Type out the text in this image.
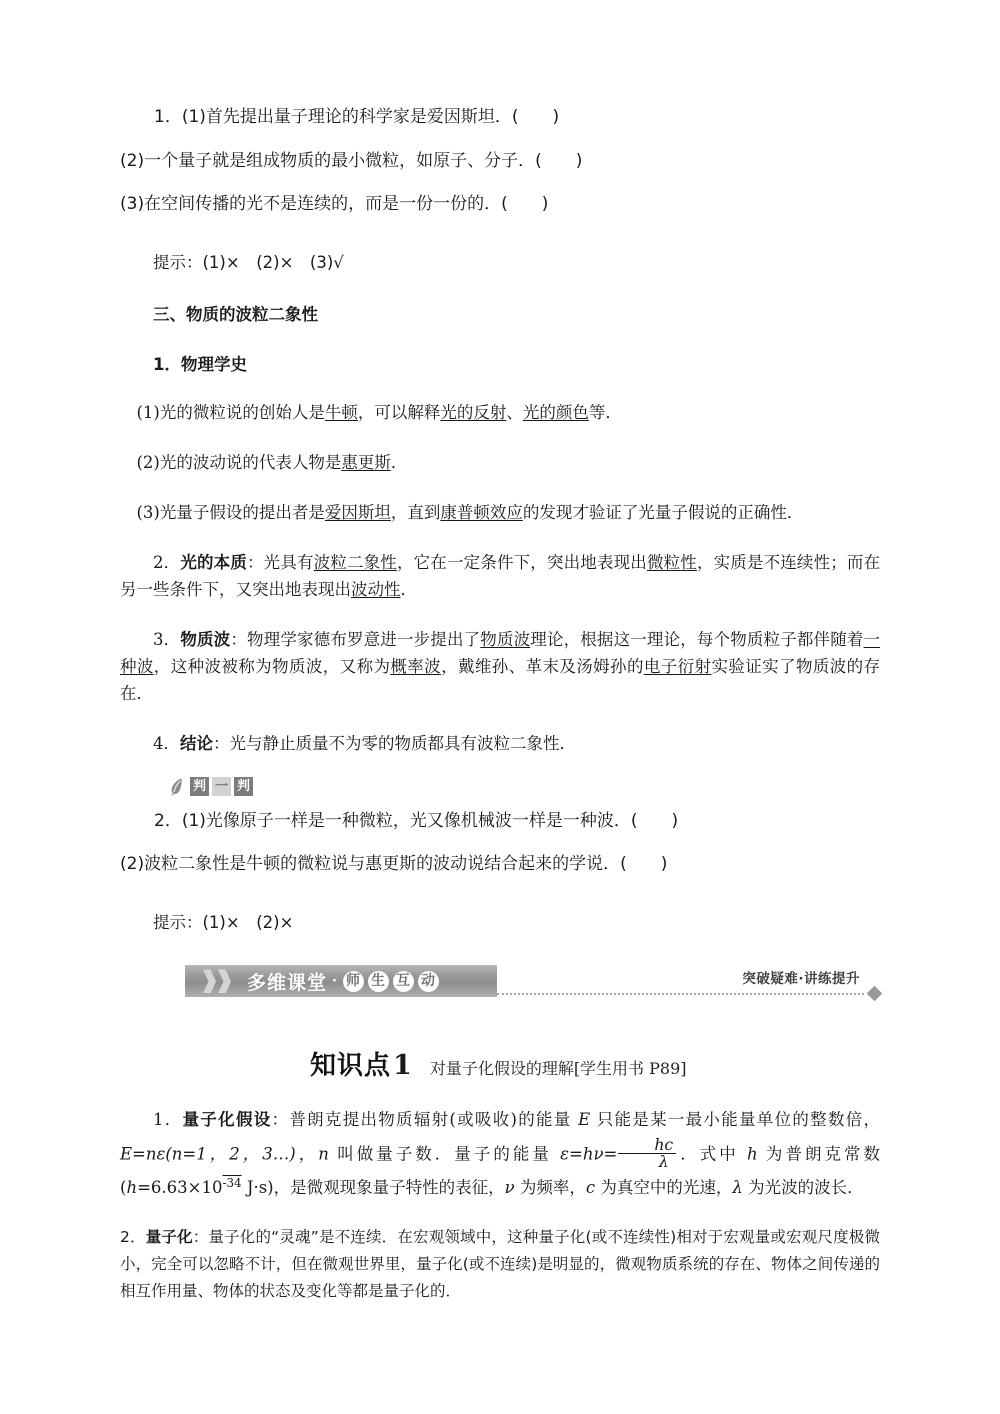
1．(1)首先提出量子理论的科学家是爱因斯坦．(　　)

(2)一个量子就是组成物质的最小微粒，如原子、分子．(　　)

(3)在空间传播的光不是连续的，而是一份一份的．(　　)

提示：(1)×　(2)×　(3)√

三、物质的波粒二象性

1．物理学史

(1)光的微粒说的创始人是牛顿，可以解释光的反射、光的颜色等．

(2)光的波动说的代表人物是惠更斯．

(3)光量子假设的提出者是爱因斯坦，直到康普顿效应的发现才验证了光量子假说的正确性．

2．光的本质：光具有波粒二象性，它在一定条件下，突出地表现出微粒性，实质是不连续性；而在另一些条件下，又突出地表现出波动性．

3．物质波：物理学家德布罗意进一步提出了物质波理论，根据这一理论，每个物质粒子都伴随着一种波，这种波被称为物质波，又称为概率波，戴维孙、革末及汤姆孙的电子衍射实验证实了物质波的存在．

4．结论：光与静止质量不为零的物质都具有波粒二象性．

判 一 判

2．(1)光像原子一样是一种微粒，光又像机械波一样是一种波．(　　)

(2)波粒二象性是牛顿的微粒说与惠更斯的波动说结合起来的学说．(　　)

提示：(1)×　(2)×

多维课堂 · 师 生 互 动	突破疑难·讲练提升
知识点 1 对量子化假设的理解[学生用书 P89]

1．量子化假设：普朗克提出物质辐射(或吸收)的能量 E 只能是某一最小能量单位的整数倍，E=nε(n=1，2，3…)，n 叫做量子数．量子的能量 $\varepsilon=h\nu= \frac{hc}{\lambda}$ ．式中 h 为普朗克常数($h=6.63\times 10^{-34}$ J·s)，是微观现象量子特性的表征，ν 为频率，c 为真空中的光速，λ 为光波的波长．

2．量子化：量子化的“灵魂”是不连续．在宏观领域中，这种量子化(或不连续性)相对于宏观量或宏观尺度极微小，完全可以忽略不计，但在微观世界里，量子化(或不连续)是明显的，微观物质系统的存在、物体之间传递的相互作用量、物体的状态及变化等都是量子化的．
